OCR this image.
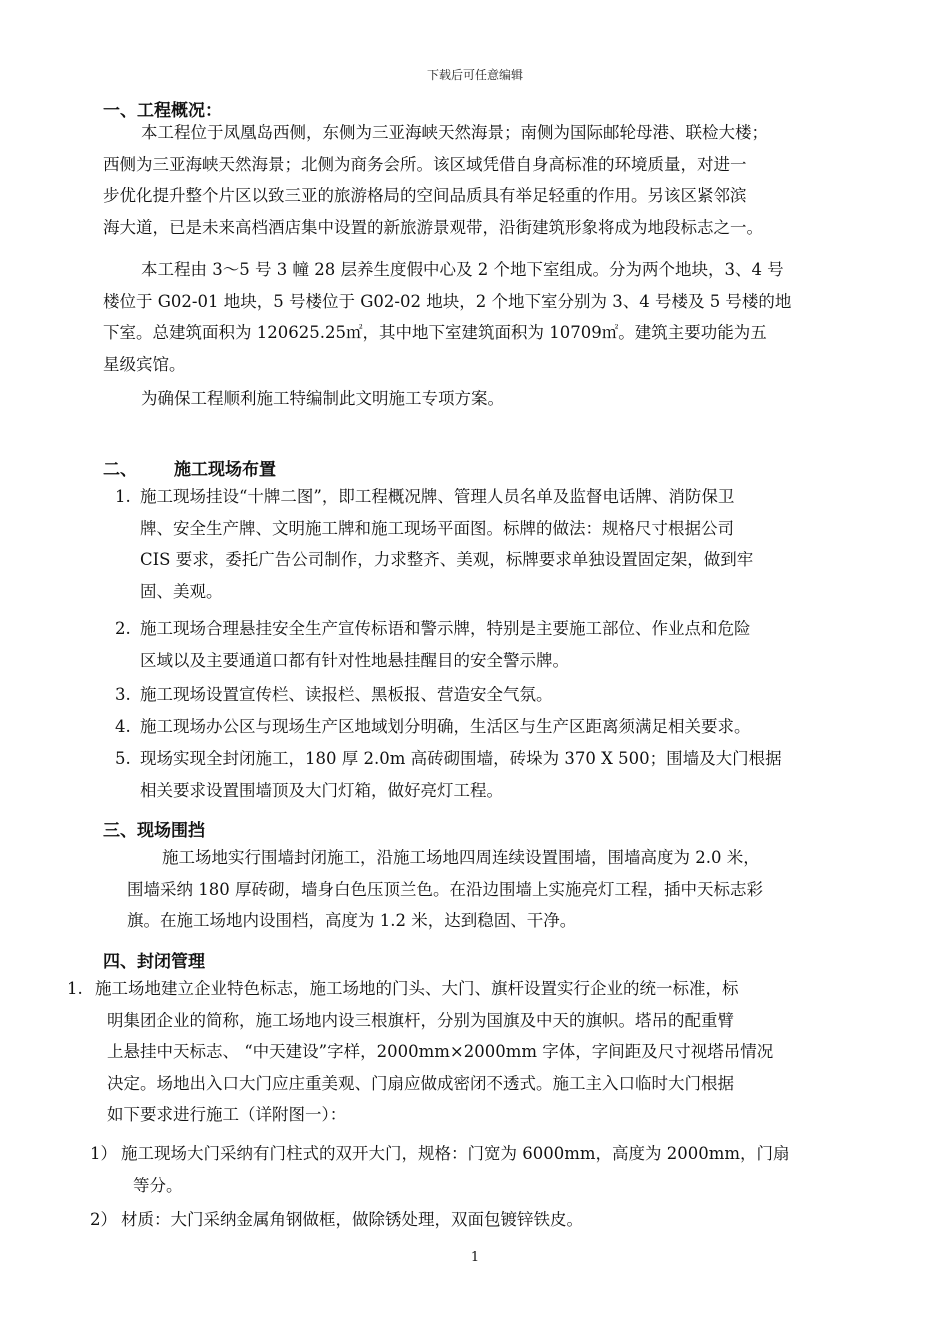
下载后可任意编辑
一、工程概况：
本工程位于凤凰岛西侧，东侧为三亚海峡天然海景；南侧为国际邮轮母港、联检大楼；
西侧为三亚海峡天然海景；北侧为商务会所。该区域凭借自身高标准的环境质量，对进一
步优化提升整个片区以致三亚的旅游格局的空间品质具有举足轻重的作用。另该区紧邻滨
海大道，已是未来高档酒店集中设置的新旅游景观带，沿街建筑形象将成为地段标志之一。
本工程由 3～5 号 3 幢 28 层养生度假中心及 2 个地下室组成。分为两个地块，3、4 号
楼位于 G02-01 地块，5 号楼位于 G02-02 地块，2 个地下室分别为 3、4 号楼及 5 号楼的地
下室。总建筑面积为 120625.25㎡，其中地下室建筑面积为 10709㎡。建筑主要功能为五
星级宾馆。
为确保工程顺利施工特编制此文明施工专项方案。
二、 施工现场布置
1. 施工现场挂设“十牌二图”，即工程概况牌、管理人员名单及监督电话牌、消防保卫
牌、安全生产牌、文明施工牌和施工现场平面图。标牌的做法：规格尺寸根据公司
CIS 要求，委托广告公司制作，力求整齐、美观，标牌要求单独设置固定架，做到牢
固、美观。
2. 施工现场合理悬挂安全生产宣传标语和警示牌，特别是主要施工部位、作业点和危险
区域以及主要通道口都有针对性地悬挂醒目的安全警示牌。
3. 施工现场设置宣传栏、读报栏、黑板报、营造安全气氛。
4. 施工现场办公区与现场生产区地域划分明确，生活区与生产区距离须满足相关要求。
5. 现场实现全封闭施工，180 厚 2.0m 高砖砌围墙，砖垛为 370 X 500；围墙及大门根据
相关要求设置围墙顶及大门灯箱，做好亮灯工程。
三、现场围挡
施工场地实行围墙封闭施工，沿施工场地四周连续设置围墙，围墙高度为 2.0 米，
围墙采纳 180 厚砖砌，墙身白色压顶兰色。在沿边围墙上实施亮灯工程，插中天标志彩
旗。在施工场地内设围档，高度为 1.2 米，达到稳固、干净。
四、封闭管理
1. 施工场地建立企业特色标志，施工场地的门头、大门、旗杆设置实行企业的统一标准，标
明集团企业的简称，施工场地内设三根旗杆，分别为国旗及中天的旗帜。塔吊的配重臂
上悬挂中天标志、 “中天建设”字样，2000mm×2000mm 字体，字间距及尺寸视塔吊情况
决定。场地出入口大门应庄重美观、门扇应做成密闭不透式。施工主入口临时大门根据
如下要求进行施工（详附图一）：
1） 施工现场大门采纳有门柱式的双开大门，规格：门宽为 6000mm，高度为 2000mm，门扇
等分。
2） 材质：大门采纳金属角钢做框，做除锈处理，双面包镀锌铁皮。
1
